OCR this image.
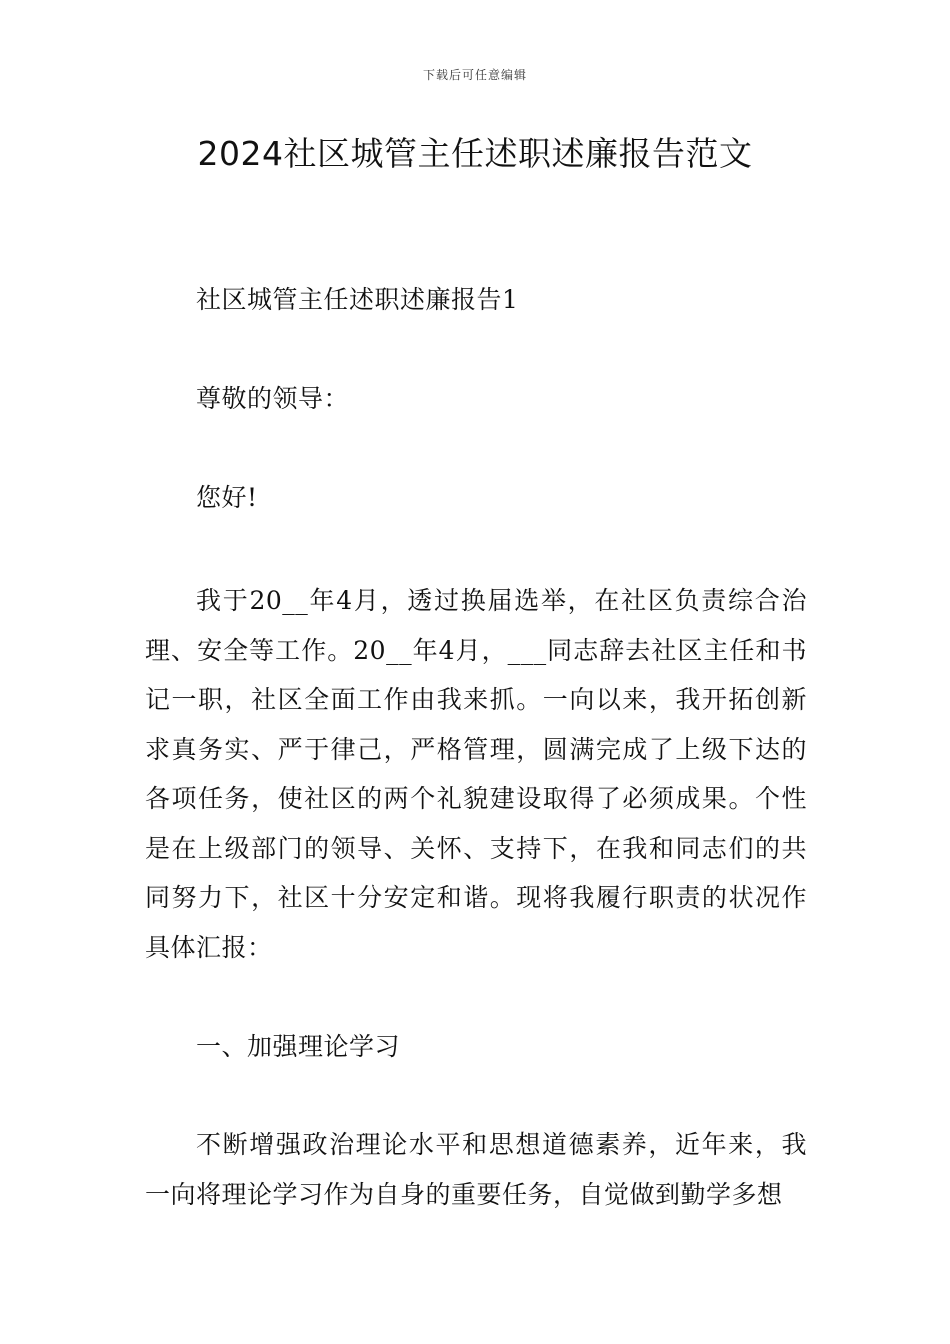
下载后可任意编辑
2024社区城管主任述职述廉报告范文
社区城管主任述职述廉报告1
尊敬的领导：
您好!
我于20__年4月，透过换届选举，在社区负责综合治理、安全等工作。20__年4月，___同志辞去社区主任和书记一职，社区全面工作由我来抓。一向以来，我开拓创新求真务实、严于律己，严格管理，圆满完成了上级下达的各项任务，使社区的两个礼貌建设取得了必须成果。个性是在上级部门的领导、关怀、支持下，在我和同志们的共同努力下，社区十分安定和谐。现将我履行职责的状况作具体汇报：
一、加强理论学习
不断增强政治理论水平和思想道德素养，近年来，我一向将理论学习作为自身的重要任务，自觉做到勤学多想
